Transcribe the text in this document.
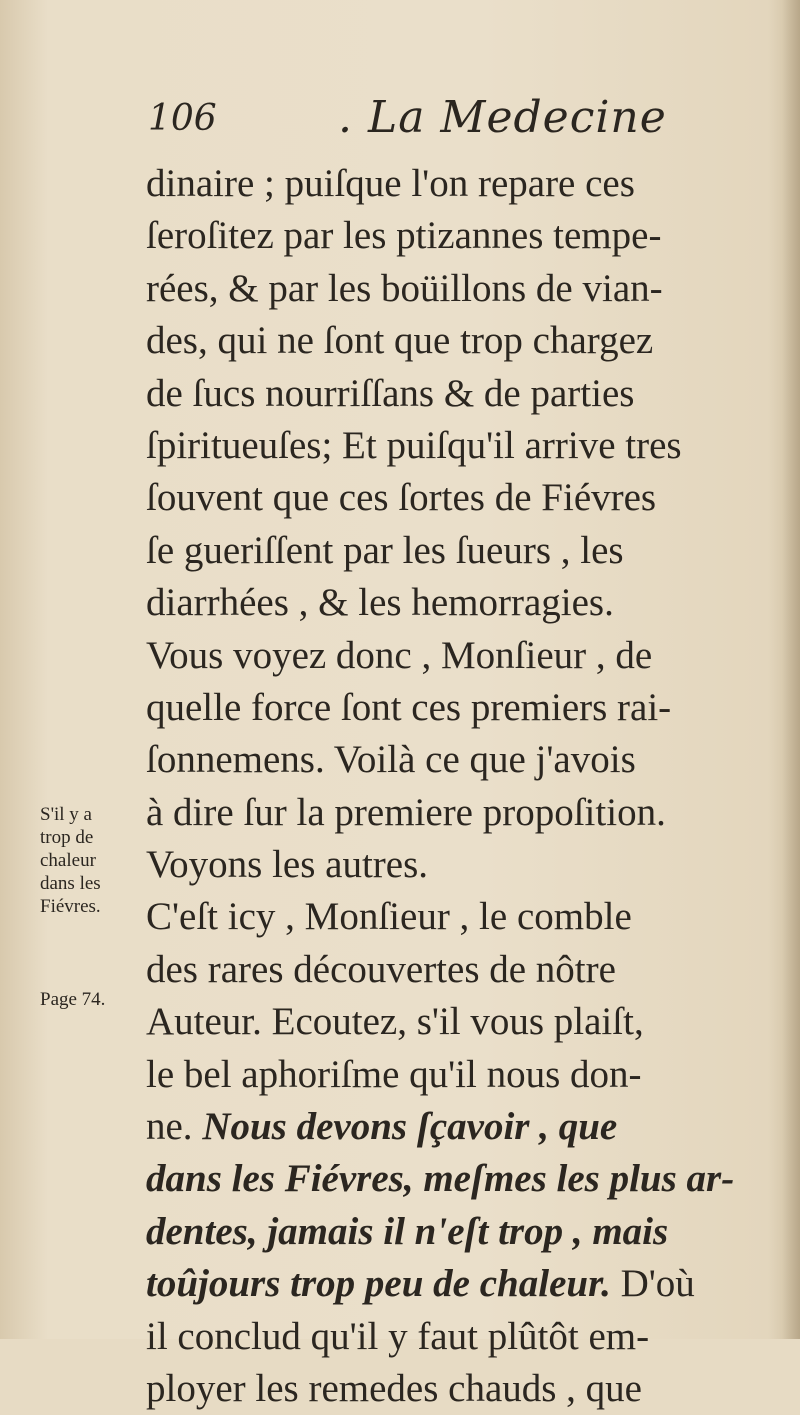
106	. La Medecine
dinaire ; puiſque l'on repare ces
ſeroſitez par les ptizannes tempe-
rées, & par les boüillons de vian-
des, qui ne ſont que trop chargez
de ſucs nourriſſans & de parties
ſpiritueuſes; Et puiſqu'il arrive tres
ſouvent que ces ſortes de Fiévres
ſe gueriſſent par les ſueurs , les
diarrhées , & les hemorragies.
Vous voyez donc , Monſieur , de
quelle force ſont ces premiers rai-
ſonnemens. Voilà ce que j'avois
à dire ſur la premiere propoſition.
Voyons les autres.
C'eſt icy , Monſieur , le comble
des rares découvertes de nôtre
Auteur. Ecoutez, s'il vous plaiſt,
le bel aphoriſme qu'il nous don-
ne. Nous devons ſçavoir , que
dans les Fiévres, meſmes les plus ar-
dentes, jamais il n'eſt trop , mais
toûjours trop peu de chaleur. D'où
il conclud qu'il y faut plûtôt em-
ployer les remedes chauds , que
S'il y a
trop de
chaleur
dans les
Fiévres.
Page 74.
